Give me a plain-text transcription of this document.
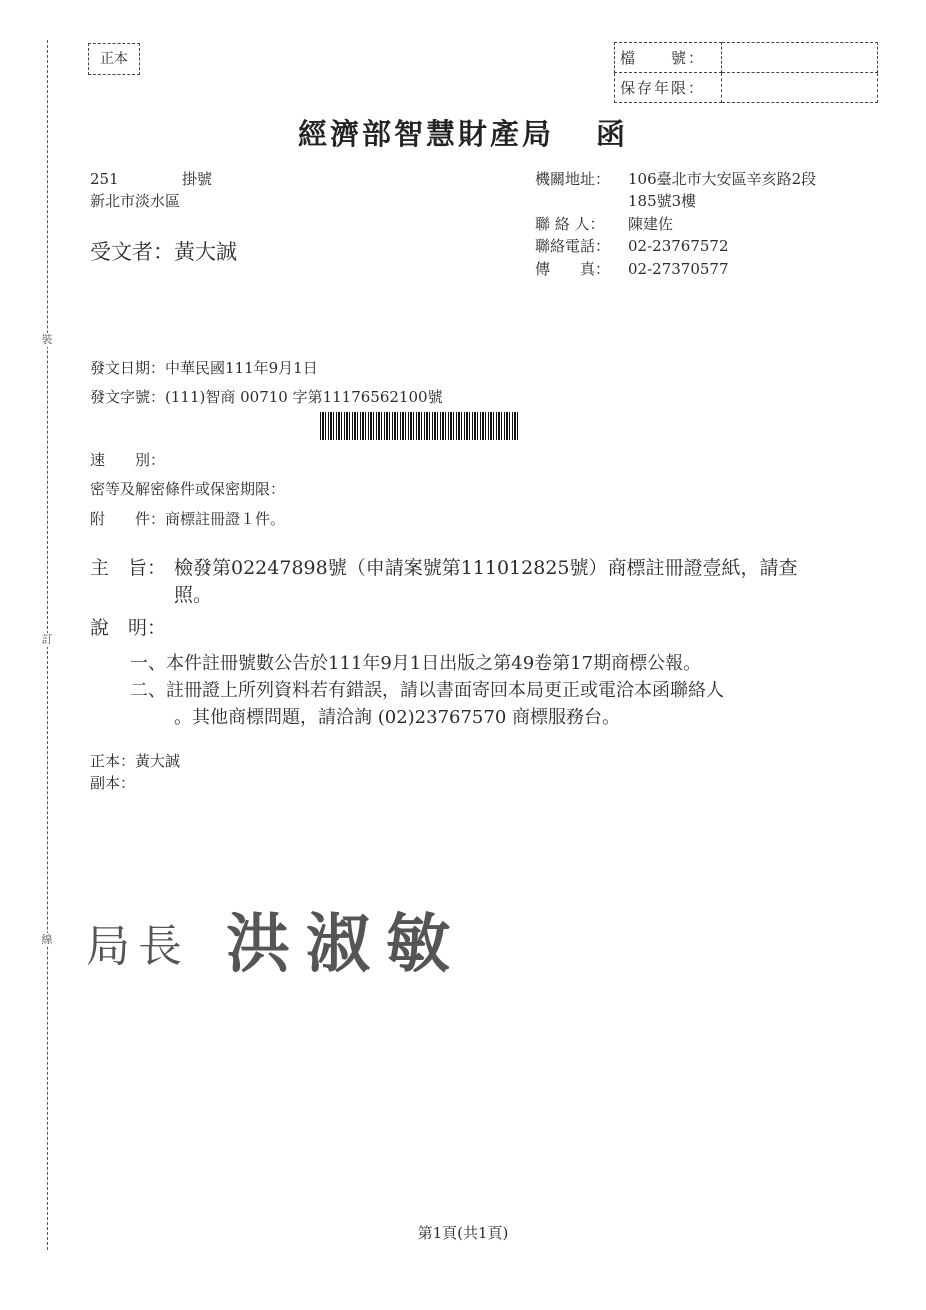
裝
訂
線
正本	檔　　號：	
保存年限：	
經濟部智慧財產局 函
251	掛號
新北市淡水區
受文者：黃大誠
機關地址： 106臺北市大安區辛亥路2段
185號3樓
聯 絡 人： 陳建佐
聯絡電話： 02-23767572
傳　　真： 02-27370577
發文日期：中華民國111年9月1日
發文字號：(111)智商 00710 字第11176562100號
速　　別：
密等及解密條件或保密期限：
附　　件：商標註冊證１件。
主　旨： 檢發第02247898號（申請案號第111012825號）商標註冊證壹紙，請查
照。
說　明：
一、本件註冊號數公告於111年9月1日出版之第49卷第17期商標公報。
二、註冊證上所列資料若有錯誤，請以書面寄回本局更正或電洽本函聯絡人
。其他商標問題，請洽詢 (02)23767570 商標服務台。
正本：黃大誠
副本：
局長 洪淑敏
第1頁(共1頁)
